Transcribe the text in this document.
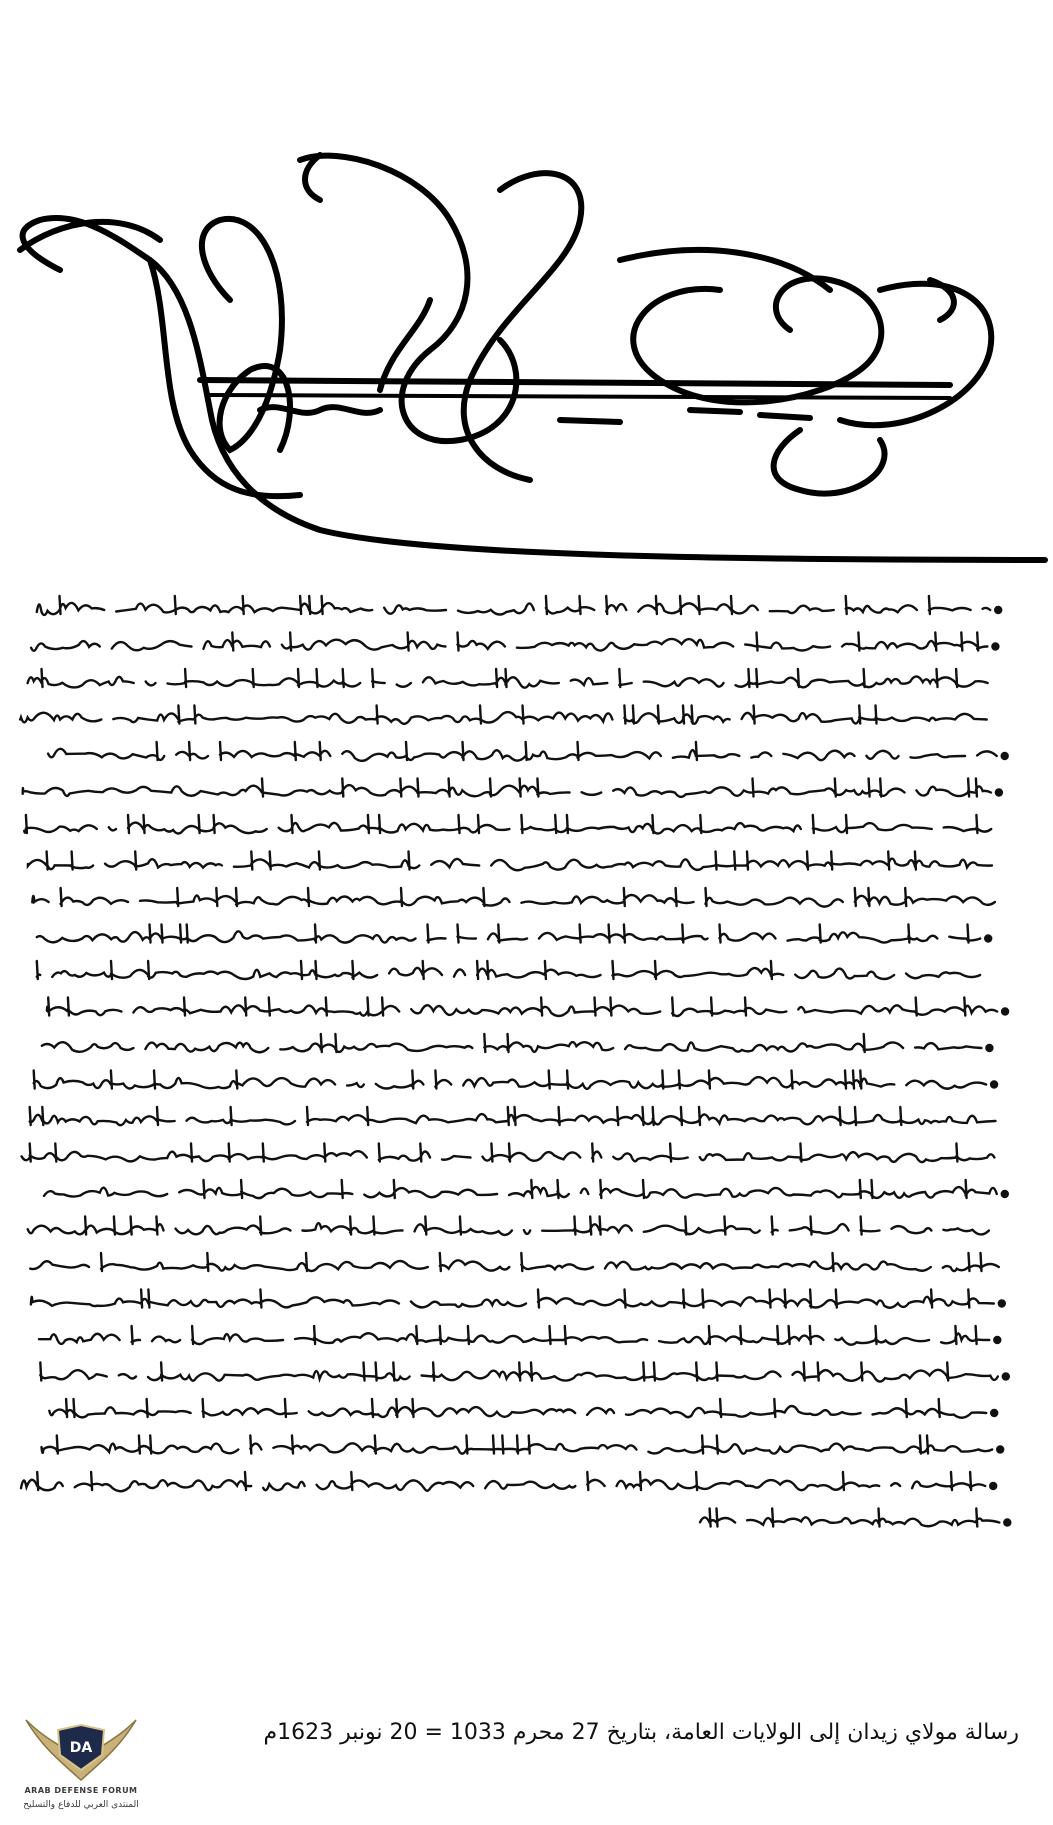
رسالة مولاي زيدان إلى الولايات العامة، بتاريخ 27 محرم 1033 = 20 نونبر 1623م
DA
ARAB DEFENSE FORUM
المنتدى العربي للدفاع والتسليح
